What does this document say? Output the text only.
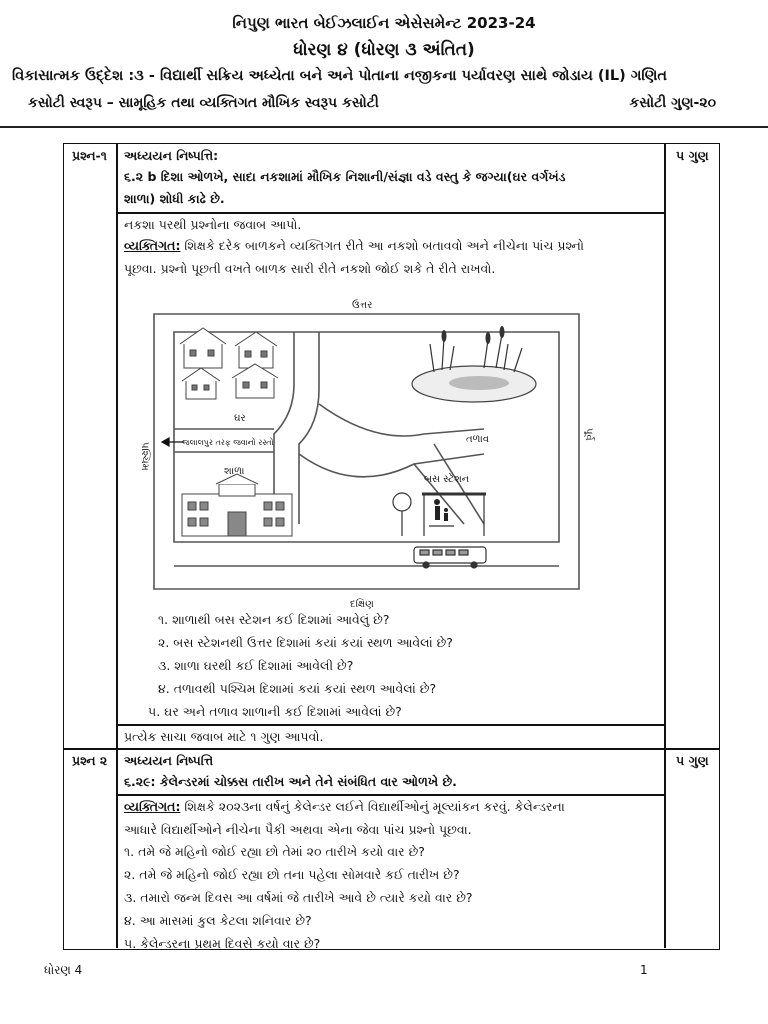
નિપુણ ભારત બેઈઝલાઈન એસેસમેન્ટ 2023-24
ધોરણ ૪ (ધોરણ ૩ અંતિત)
વિકાસાત્મક ઉદ્દેશ :૩ - વિદ્યાર્થી સક્રિય અધ્યેતા બને અને પોતાના નજીકના પર્યાવરણ સાથે જોડાય (IL) ગણિત
કસોટી સ્વરૂપ – સામૂહિક તથા વ્યક્તિગત મૌખિક સ્વરૂપ કસોટી	કસોટી ગુણ-૨૦
પ્રશ્ન-૧	૫ ગુણ
અધ્યયન નિષ્પત્તિ:
૬.૨ b દિશા ઓળખે, સાદા નકશામાં મૌખિક નિશાની/સંજ્ઞા વડે વસ્તુ કે જગ્યા(ઘર વર્ગખંડ
શાળા) શોધી કાઢે છે.
નકશા પરથી પ્રશ્નોના જવાબ આપો.
વ્યક્તિગત: શિક્ષકે દરેક બાળકને વ્યક્તિગત રીતે આ નકશો બતાવવો અને નીચેના પાંચ પ્રશ્નો
પૂછવા. પ્રશ્નો પૂછતી વખતે બાળક સારી રીતે નકશો જોઈ શકે તે રીતે રાખવો.
ઘર
તળાવ
જલાલપુર તરફ જવાનો રસ્તો
શાળા
બસ સ્ટેશન
ઉત્તર
દક્ષિણ
પશ્ચિમ
પૂર્વ
૧. શાળાથી બસ સ્ટેશન કઈ દિશામાં આવેલું છે?
૨. બસ સ્ટેશનથી ઉત્તર દિશામાં કયાં કયાં સ્થળ આવેલાં છે?
૩. શાળા ઘરથી કઈ દિશામાં આવેલી છે?
૪. તળાવથી પશ્ચિમ દિશામાં કયાં કયાં સ્થળ આવેલાં છે?
૫. ઘર અને તળાવ શાળાની કઈ દિશામાં આવેલાં છે?
પ્રત્યેક સાચા જવાબ માટે ૧ ગુણ આપવો.
પ્રશ્ન ૨	૫ ગુણ
અધ્યયન નિષ્પત્તિ
૬.૨૯: કેલેન્ડરમાં ચોક્કસ તારીખ અને તેને સંબંધિત વાર ઓળખે છે.
વ્યક્તિગત: શિક્ષકે ૨૦૨૩ના વર્ષનું કેલેન્ડર લઈને વિદ્યાર્થીઓનું મૂલ્યાંકન કરવું. કેલેન્ડરના
આધારે વિદ્યાર્થીઓને નીચેના પૈકી અથવા એના જેવા પાંચ પ્રશ્નો પૂછવા.
૧. તમે જે મહિનો જોઈ રહ્યા છો તેમાં ૨૦ તારીખે કયો વાર છે?
૨. તમે જે મહિનો જોઈ રહ્યા છો તના પહેલા સોમવારે કઈ તારીખ છે?
૩. તમારો જન્મ દિવસ આ વર્ષમાં જે તારીખે આવે છે ત્યારે કયો વાર છે?
૪. આ માસમાં કુલ કેટલા શનિવાર છે?
૫. કેલેન્ડરના પ્રથમ દિવસે કયો વાર છે?
ધોરણ 4	1
